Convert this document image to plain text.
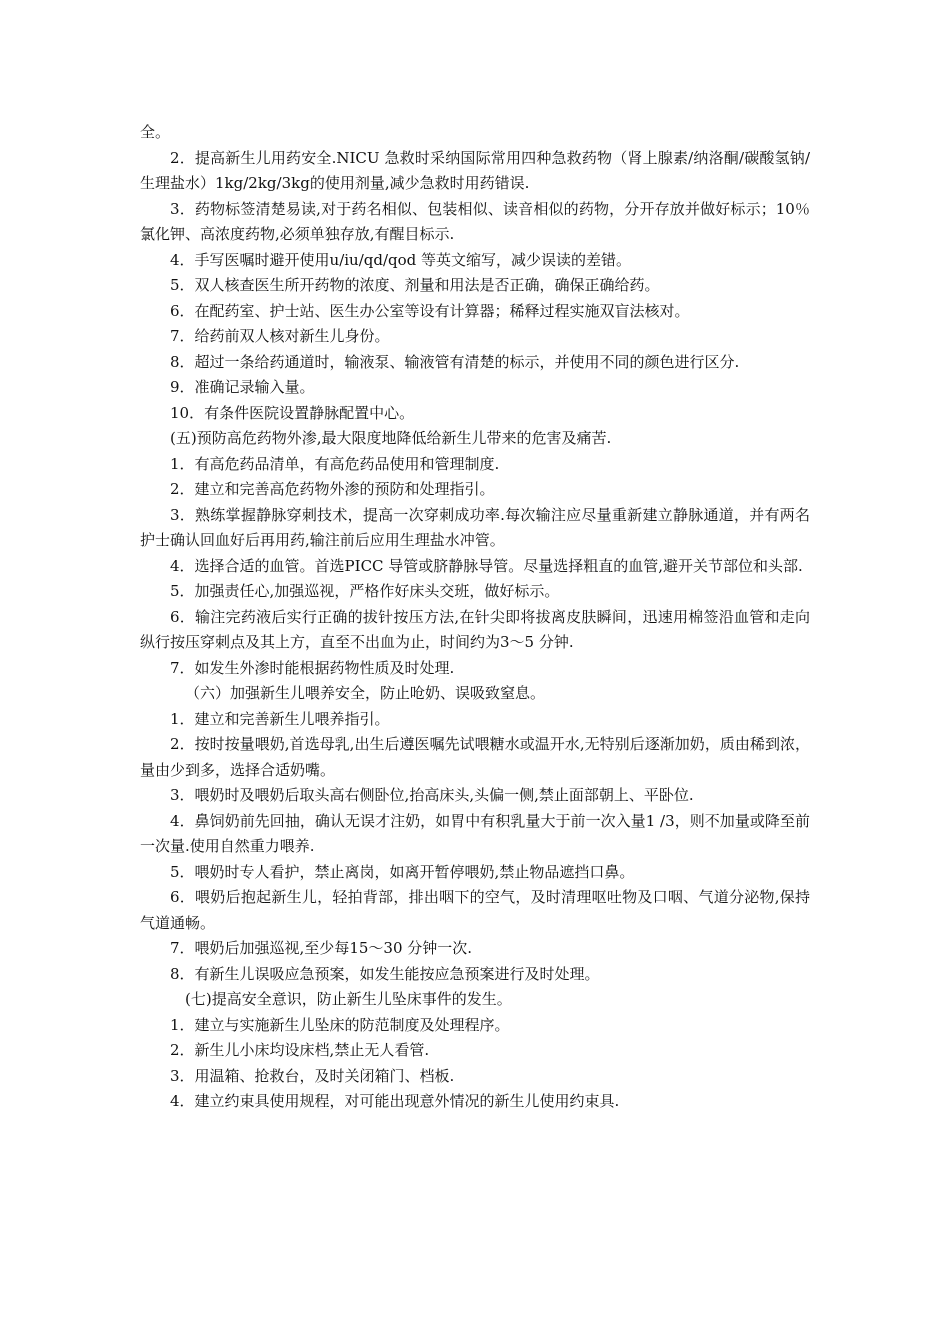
全。

2．提高新生儿用药安全.NICU 急救时采纳国际常用四种急救药物（肾上腺素/纳洛酮/碳酸氢钠/生理盐水）1kg/2kg/3kg的使用剂量,减少急救时用药错误.

3．药物标签清楚易读,对于药名相似、包装相似、读音相似的药物，分开存放并做好标示；10％氯化钾、高浓度药物,必须单独存放,有醒目标示.

4．手写医嘱时避开使用u/iu/qd/qod 等英文缩写，减少误读的差错。

5．双人核查医生所开药物的浓度、剂量和用法是否正确，确保正确给药。

6．在配药室、护士站、医生办公室等设有计算器；稀释过程实施双盲法核对。

7．给药前双人核对新生儿身份。

8．超过一条给药通道时，输液泵、输液管有清楚的标示，并使用不同的颜色进行区分.

9．准确记录输入量。

10．有条件医院设置静脉配置中心。

(五)预防高危药物外渗,最大限度地降低给新生儿带来的危害及痛苦.

1．有高危药品清单，有高危药品使用和管理制度.

2．建立和完善高危药物外渗的预防和处理指引。

3．熟练掌握静脉穿刺技术，提高一次穿刺成功率.每次输注应尽量重新建立静脉通道，并有两名护士确认回血好后再用药,输注前后应用生理盐水冲管。

4．选择合适的血管。首选PICC 导管或脐静脉导管。尽量选择粗直的血管,避开关节部位和头部.

5．加强责任心,加强巡视，严格作好床头交班，做好标示。

6．输注完药液后实行正确的拔针按压方法,在针尖即将拔离皮肤瞬间，迅速用棉签沿血管和走向纵行按压穿刺点及其上方，直至不出血为止，时间约为3～5 分钟.

7．如发生外渗时能根据药物性质及时处理.

（六）加强新生儿喂养安全，防止呛奶、误吸致窒息。

1．建立和完善新生儿喂养指引。

2．按时按量喂奶,首选母乳,出生后遵医嘱先试喂糖水或温开水,无特别后逐渐加奶，质由稀到浓，量由少到多，选择合适奶嘴。

3．喂奶时及喂奶后取头高右侧卧位,抬高床头,头偏一侧,禁止面部朝上、平卧位.

4．鼻饲奶前先回抽，确认无误才注奶，如胃中有积乳量大于前一次入量1 /3，则不加量或降至前一次量.使用自然重力喂养.

5．喂奶时专人看护，禁止离岗，如离开暂停喂奶,禁止物品遮挡口鼻。

6．喂奶后抱起新生儿，轻拍背部，排出咽下的空气，及时清理呕吐物及口咽、气道分泌物,保持气道通畅。

7．喂奶后加强巡视,至少每15～30 分钟一次.

8．有新生儿误吸应急预案，如发生能按应急预案进行及时处理。

(七)提高安全意识，防止新生儿坠床事件的发生。

1．建立与实施新生儿坠床的防范制度及处理程序。

2．新生儿小床均设床档,禁止无人看管.

3．用温箱、抢救台，及时关闭箱门、档板.

4．建立约束具使用规程，对可能出现意外情况的新生儿使用约束具.
